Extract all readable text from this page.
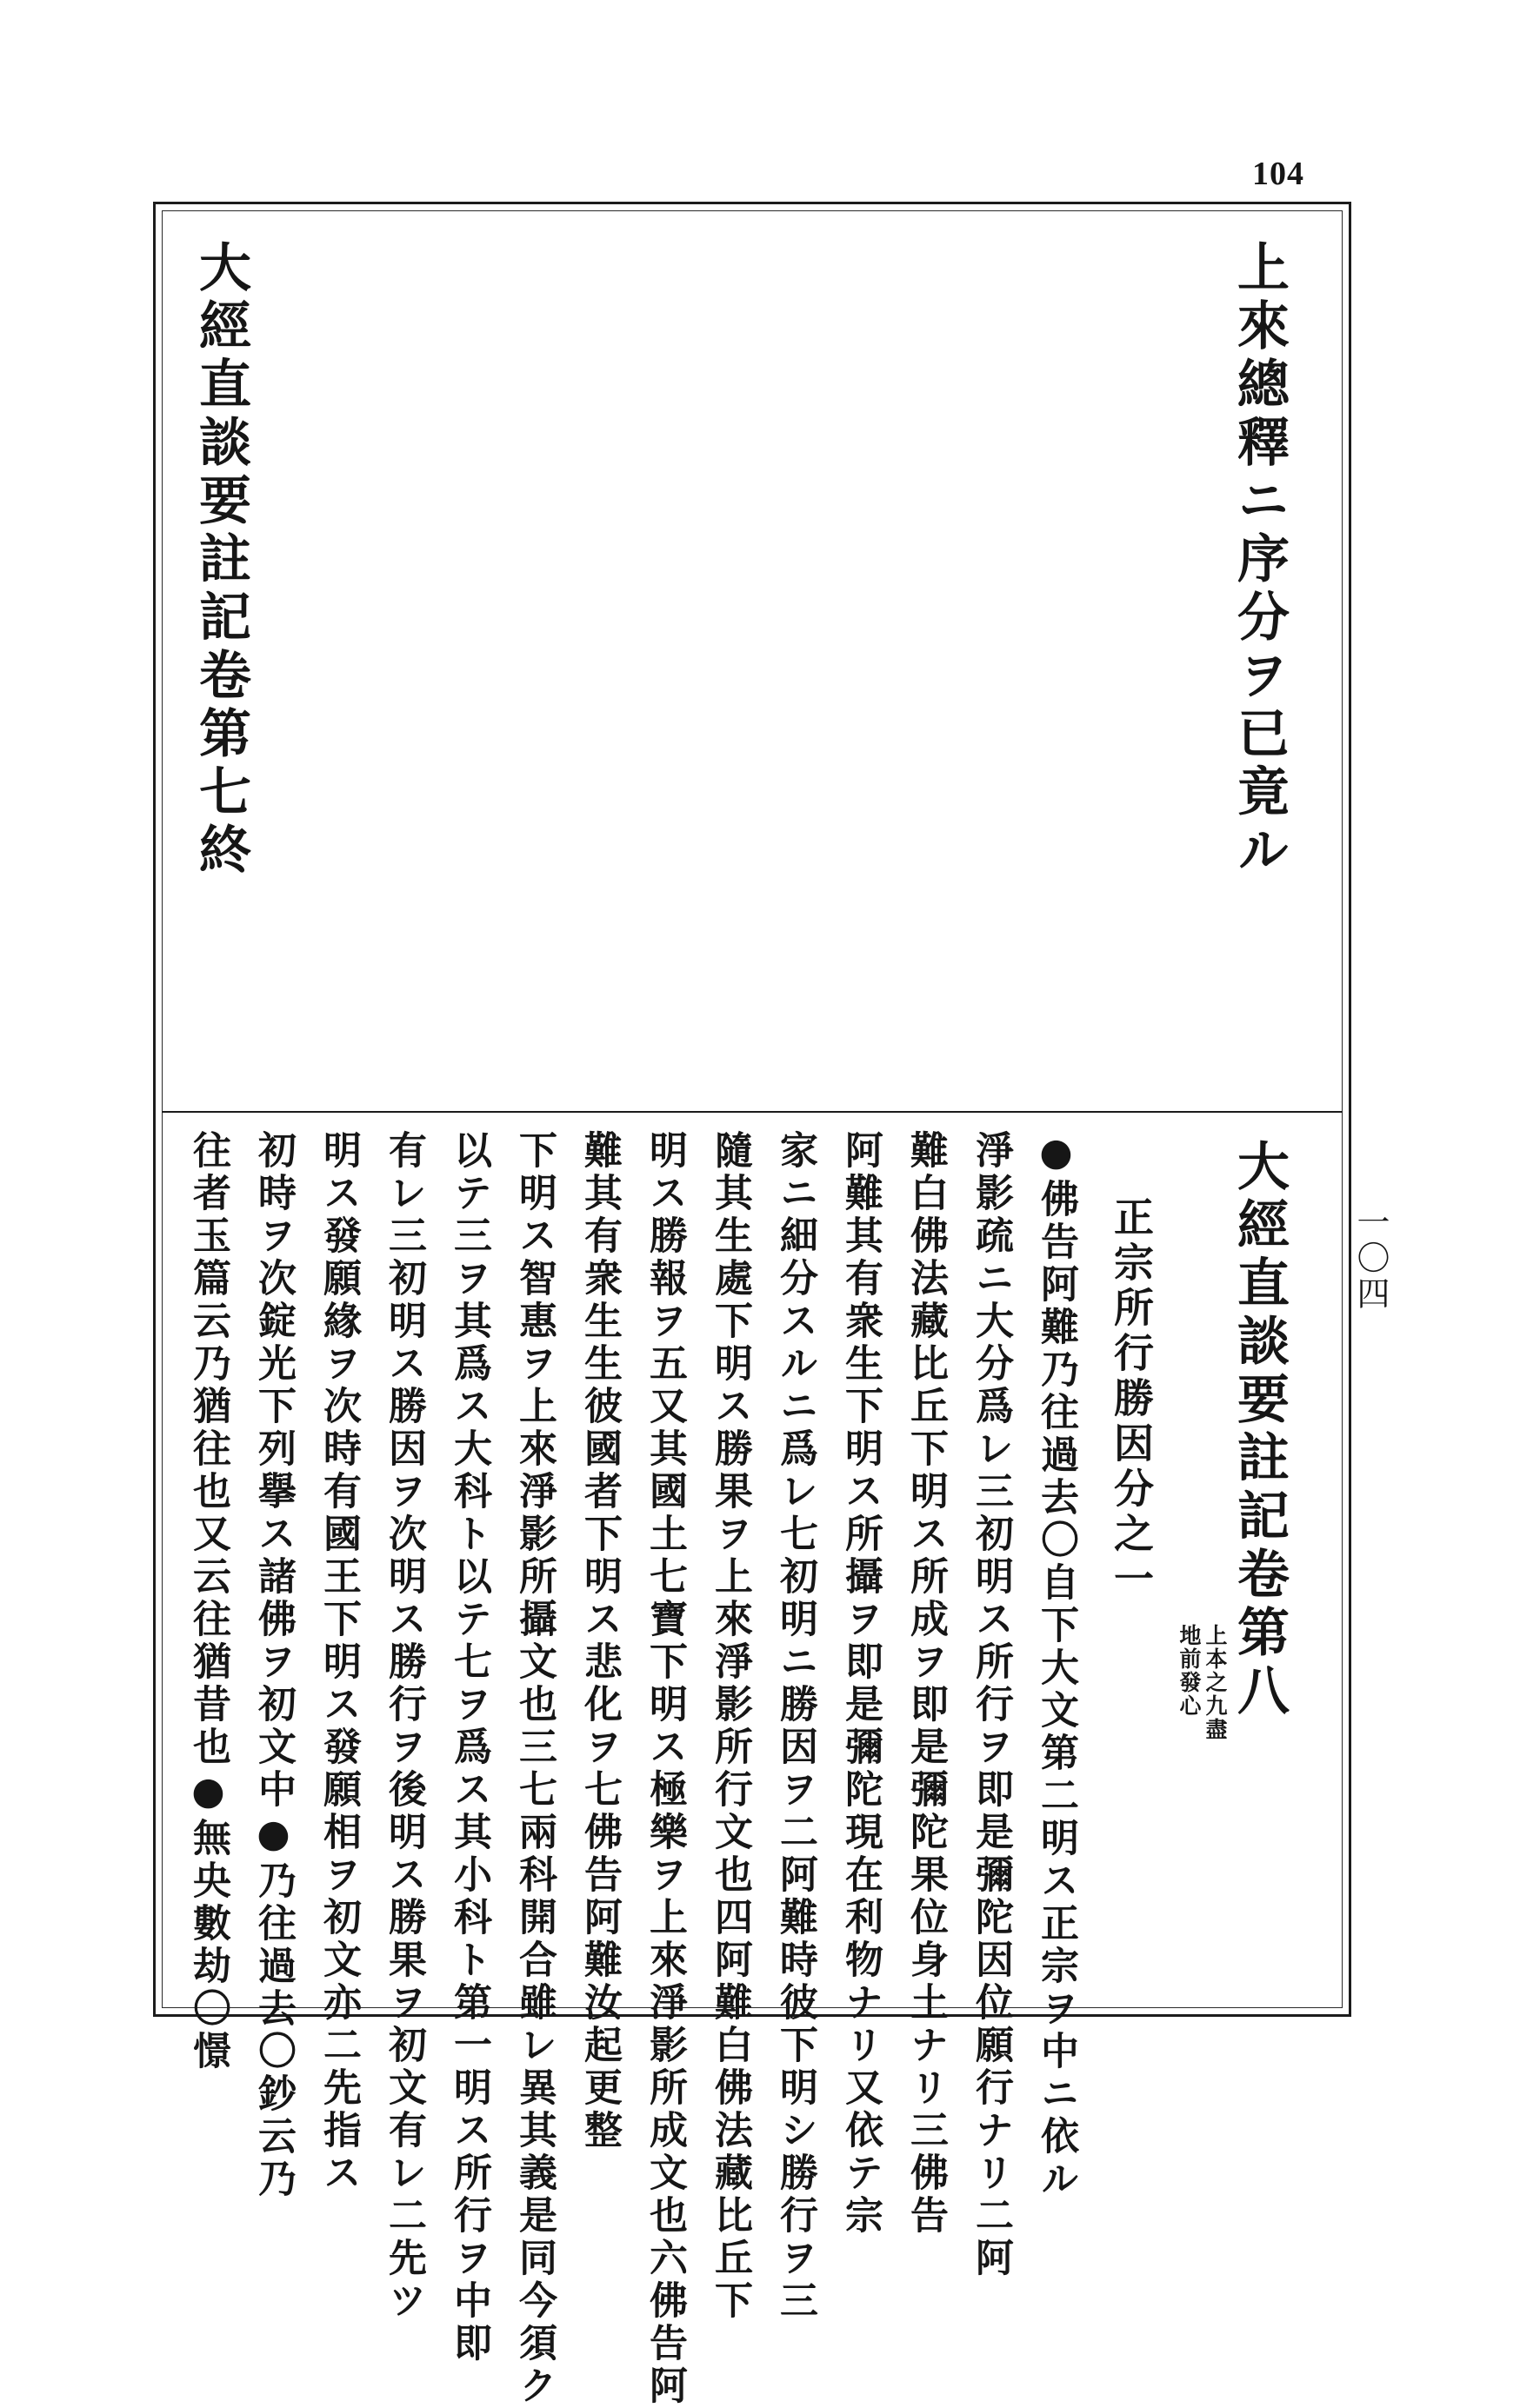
104
一〇四
上來總釋ニ序分ヲ已竟ル
大經直談要註記卷第七終
大經直談要註記卷第八
上本之九盡
地前發心
正宗所行勝因分之一
●佛告阿難乃往過去〇自下大文第二明ス正宗ヲ中ニ依ル
淨影疏ニ大分爲レ三初明ス所行ヲ即是彌陀因位願行ナリ二阿
難白佛法藏比丘下明ス所成ヲ即是彌陀果位身土ナリ三佛告
阿難其有衆生下明ス所攝ヲ即是彌陀現在利物ナリ又依テ宗
家ニ細分スルニ爲レ七初明ニ勝因ヲ二阿難時彼下明シ勝行ヲ三
隨其生處下明ス勝果ヲ上來淨影所行文也四阿難白佛法藏比丘下
明ス勝報ヲ五又其國土七寶下明ス極樂ヲ上來淨影所成文也六佛告阿
難其有衆生生彼國者下明ス悲化ヲ七佛告阿難汝起更整
下明ス智惠ヲ上來淨影所攝文也三七兩科開合雖レ異其義是同今須ク
以テ三ヲ其爲ス大科ト以テ七ヲ爲ス其小科ト第一明ス所行ヲ中即
有レ三初明ス勝因ヲ次明ス勝行ヲ後明ス勝果ヲ初文有レ二先ツ
明ス發願緣ヲ次時有國王下明ス發願相ヲ初文亦二先指ス
初時ヲ次錠光下列擧ス諸佛ヲ初文中●乃往過去〇鈔云乃
往者玉篇云乃猶往也又云往猶昔也●無央數劫〇憬
